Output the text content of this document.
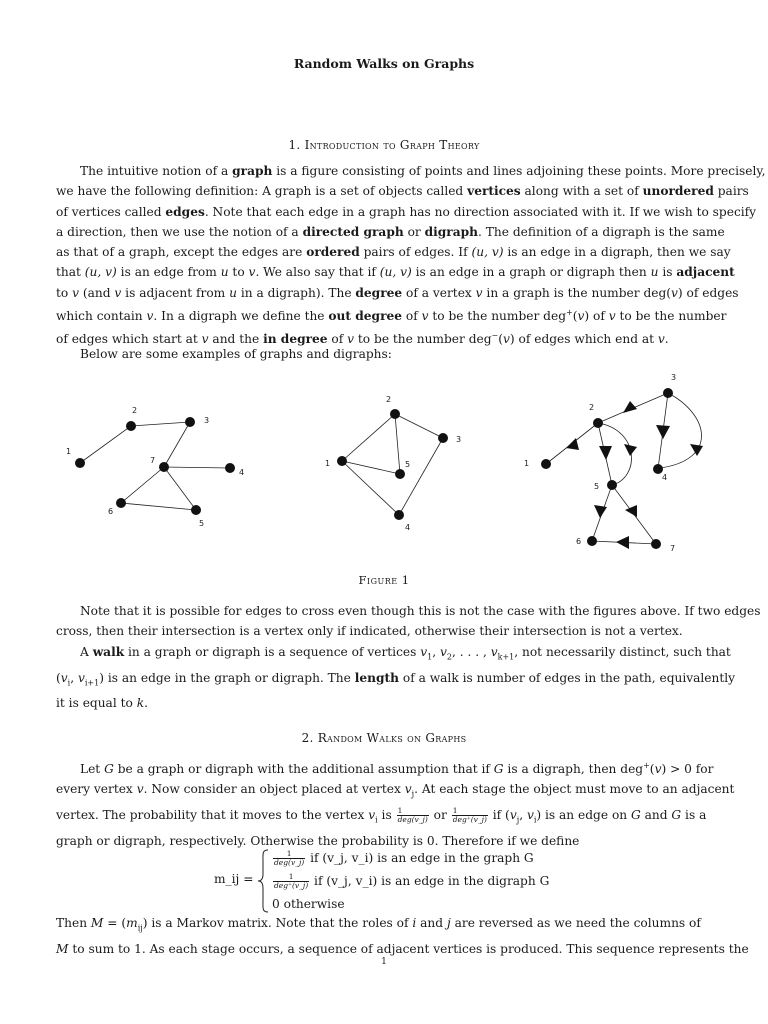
Random Walks on Graphs
1. Introduction to Graph Theory
The intuitive notion of a graph is a figure consisting of points and lines adjoining these points. More precisely,
we have the following definition: A graph is a set of objects called vertices along with a set of unordered pairs
of vertices called edges. Note that each edge in a graph has no direction associated with it. If we wish to specify
a direction, then we use the notion of a directed graph or digraph. The definition of a digraph is the same
as that of a graph, except the edges are ordered pairs of edges. If (u, v) is an edge in a digraph, then we say
that (u, v) is an edge from u to v. We also say that if (u, v) is an edge in a graph or digraph then u is adjacent
to v (and v is adjacent from u in a digraph). The degree of a vertex v in a graph is the number deg(v) of edges
which contain v. In a digraph we define the out degree of v to be the number deg+(v) of v to be the number
of edges which start at v and the in degree of v to be the number deg−(v) of edges which end at v.
Below are some examples of graphs and digraphs:
1
2
3
4
5
6
7	1
2
3
4
5	1
2
3
4
5
6
7
Figure 1
Note that it is possible for edges to cross even though this is not the case with the figures above. If two edges
cross, then their intersection is a vertex only if indicated, otherwise their intersection is not a vertex.
A walk in a graph or digraph is a sequence of vertices $v_1$, $v_2$, . . . , $v_{k+1}$, not necessarily distinct, such that
($v_i$, $v_{i+1}$) is an edge in the graph or digraph. The length of a walk is number of edges in the path, equivalently
it is equal to k.
2. Random Walks on Graphs
Let G be a graph or digraph with the additional assumption that if G is a digraph, then deg+(v) > 0 for
every vertex v. Now consider an object placed at vertex $v_j$. At each stage the object must move to an adjacent
vertex. The probability that it moves to the vertex $v_i$ is $\frac{1}{\text{deg(v\_j)}}$ or $\frac{1}{\text{deg⁺(v\_j)}}$ if ($v_j$, $v_i$) is an edge on G and G is a
graph or digraph, respectively. Otherwise the probability is 0. Therefore if we define
m_ij =
$\frac{1}{\text{deg(v\_j)}}$ if (v_j, v_i) is an edge in the graph G
$\frac{1}{\text{deg⁺(v\_j)}}$ if (v_j, v_i) is an edge in the digraph G
0 otherwise
Then $M = (m_{ij})$ is a Markov matrix. Note that the roles of i and j are reversed as we need the columns of
M to sum to 1. As each stage occurs, a sequence of adjacent vertices is produced. This sequence represents the
1
